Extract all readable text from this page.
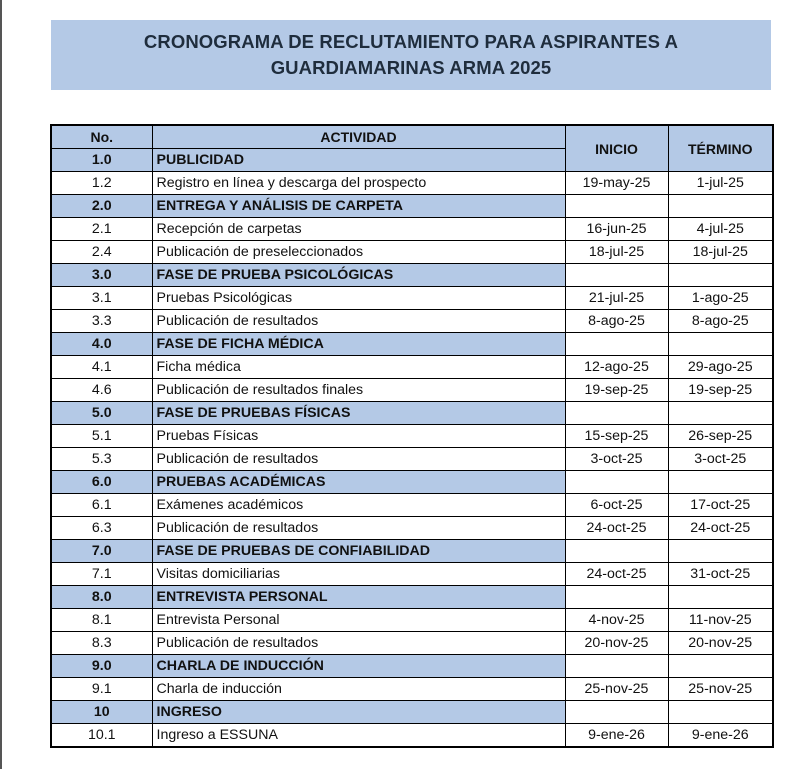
CRONOGRAMA DE RECLUTAMIENTO PARA ASPIRANTES A
GUARDIAMARINAS ARMA 2025
No.	ACTIVIDAD	INICIO	TÉRMINO
1.0	PUBLICIDAD		
1.2	Registro en línea y descarga del prospecto	19-may-25	1-jul-25
2.0	ENTREGA Y ANÁLISIS DE CARPETA		
2.1	Recepción de carpetas	16-jun-25	4-jul-25
2.4	Publicación de preseleccionados	18-jul-25	18-jul-25
3.0	FASE DE PRUEBA PSICOLÓGICAS		
3.1	Pruebas Psicológicas	21-jul-25	1-ago-25
3.3	Publicación de resultados	8-ago-25	8-ago-25
4.0	FASE DE FICHA MÉDICA		
4.1	Ficha médica	12-ago-25	29-ago-25
4.6	Publicación de resultados finales	19-sep-25	19-sep-25
5.0	FASE DE PRUEBAS FÍSICAS		
5.1	Pruebas Físicas	15-sep-25	26-sep-25
5.3	Publicación de resultados	3-oct-25	3-oct-25
6.0	PRUEBAS ACADÉMICAS		
6.1	Exámenes académicos	6-oct-25	17-oct-25
6.3	Publicación de resultados	24-oct-25	24-oct-25
7.0	FASE DE PRUEBAS DE CONFIABILIDAD		
7.1	Visitas domiciliarias	24-oct-25	31-oct-25
8.0	ENTREVISTA PERSONAL		
8.1	Entrevista Personal	4-nov-25	11-nov-25
8.3	Publicación de resultados	20-nov-25	20-nov-25
9.0	CHARLA DE INDUCCIÓN		
9.1	Charla de inducción	25-nov-25	25-nov-25
10	INGRESO		
10.1	Ingreso a ESSUNA	9-ene-26	9-ene-26
